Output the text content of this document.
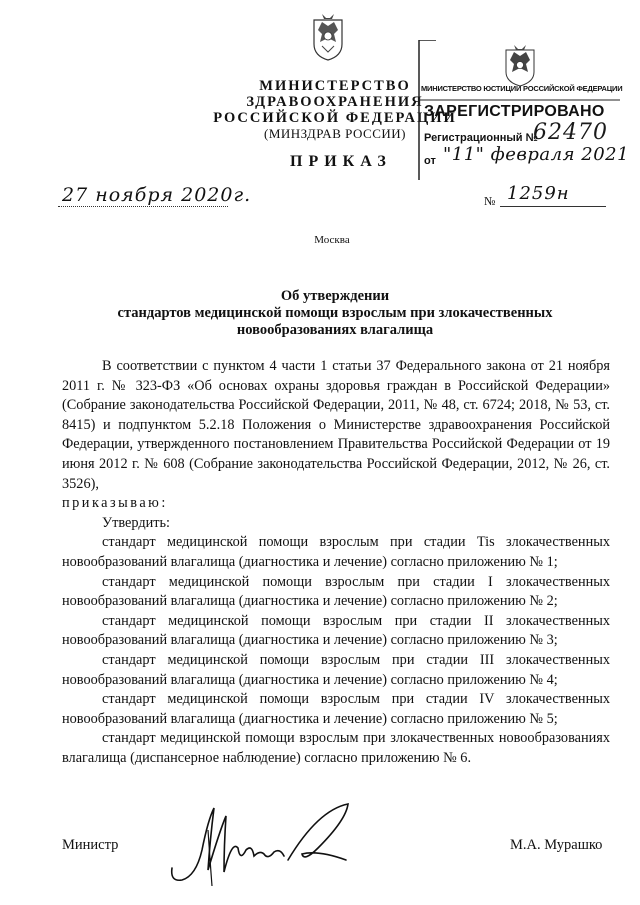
МИНИСТЕРСТВО ЗДРАВООХРАНЕНИЯ
РОССИЙСКОЙ ФЕДЕРАЦИИ
(МИНЗДРАВ РОССИИ)
МИНИСТЕРСТВО ЮСТИЦИИ РОССИЙСКОЙ ФЕДЕРАЦИИ
ЗАРЕГИСТРИРОВАНО
Регистрационный №
62470
от "11" февраля 2021
ПРИКАЗ
27 ноября 2020г.	№ 1259н
Москва
Об утверждении
стандартов медицинской помощи взрослым при злокачественных
новообразованиях влагалища

В соответствии с пунктом 4 части 1 статьи 37 Федерального закона от 21 ноября 2011 г. № 323-ФЗ «Об основах охраны здоровья граждан в Российской Федерации» (Собрание законодательства Российской Федерации, 2011, № 48, ст. 6724; 2018, № 53, ст. 8415) и подпунктом 5.2.18 Положения о Министерстве здравоохранения Российской Федерации, утвержденного постановлением Правительства Российской Федерации от 19 июня 2012 г. № 608 (Собрание законодательства Российской Федерации, 2012, № 26, ст. 3526),

приказываю:

Утвердить:

стандарт медицинской помощи взрослым при стадии Tis злокачественных новообразований влагалища (диагностика и лечение) согласно приложению № 1;

стандарт медицинской помощи взрослым при стадии I злокачественных новообразований влагалища (диагностика и лечение) согласно приложению № 2;

стандарт медицинской помощи взрослым при стадии II злокачественных новообразований влагалища (диагностика и лечение) согласно приложению № 3;

стандарт медицинской помощи взрослым при стадии III злокачественных новообразований влагалища (диагностика и лечение) согласно приложению № 4;

стандарт медицинской помощи взрослым при стадии IV злокачественных новообразований влагалища (диагностика и лечение) согласно приложению № 5;

стандарт медицинской помощи взрослым при злокачественных новообразованиях влагалища (диспансерное наблюдение) согласно приложению № 6.

Министр	М.А. Мурашко
